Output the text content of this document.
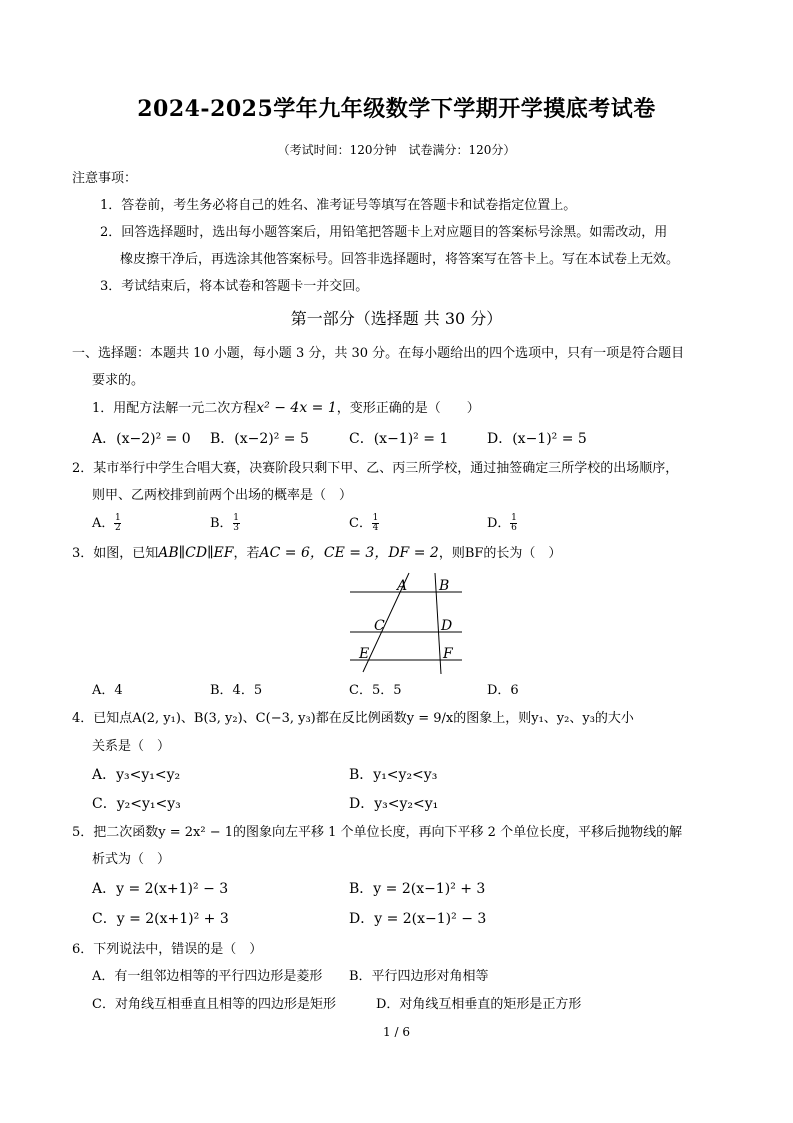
2024-2025学年九年级数学下学期开学摸底考试卷
（考试时间：120分钟　试卷满分：120分）
注意事项：
1．答卷前，考生务必将自己的姓名、准考证号等填写在答题卡和试卷指定位置上。
2．回答选择题时，选出每小题答案后，用铅笔把答题卡上对应题目的答案标号涂黑。如需改动，用
橡皮擦干净后，再选涂其他答案标号。回答非选择题时，将答案写在答卡上。写在本试卷上无效。
3．考试结束后，将本试卷和答题卡一并交回。
第一部分（选择题 共 30 分）
一、选择题：本题共 10 小题，每小题 3 分，共 30 分。在每小题给出的四个选项中，只有一项是符合题目
要求的。
1．用配方法解一元二次方程x² − 4x = 1，变形正确的是（　　）
A．(x−2)² = 0 B．(x−2)² = 5	C．(x−1)² = 1	D．(x−1)² = 5
2．某市举行中学生合唱大赛，决赛阶段只剩下甲、乙、丙三所学校，通过抽签确定三所学校的出场顺序，
则甲、乙两校排到前两个出场的概率是（　）
A． $\frac{1}{2}$	B． $\frac{1}{3}$	C． $\frac{1}{4}$	D． $\frac{1}{6}$
3．如图，已知AB∥CD∥EF，若AC = 6，CE = 3，DF = 2，则BF的长为（　）
A B
C	D
E	F
A．4	B．4．5	C．5．5	D．6
4．已知点A(2, y₁)、B(3, y₂)、C(−3, y₃)都在反比例函数y = 9/x的图象上，则y₁、y₂、y₃的大小
关系是（　）
A．y₃<y₁<y₂	B．y₁<y₂<y₃
C．y₂<y₁<y₃	D．y₃<y₂<y₁
5．把二次函数y = 2x² − 1的图象向左平移 1 个单位长度，再向下平移 2 个单位长度，平移后抛物线的解
析式为（　）
A．y = 2(x+1)² − 3	B．y = 2(x−1)² + 3
C．y = 2(x+1)² + 3	D．y = 2(x−1)² − 3
6．下列说法中，错误的是（　）
A．有一组邻边相等的平行四边形是菱形 B．平行四边形对角相等
C．对角线互相垂直且相等的四边形是矩形	D．对角线互相垂直的矩形是正方形
1 / 6
